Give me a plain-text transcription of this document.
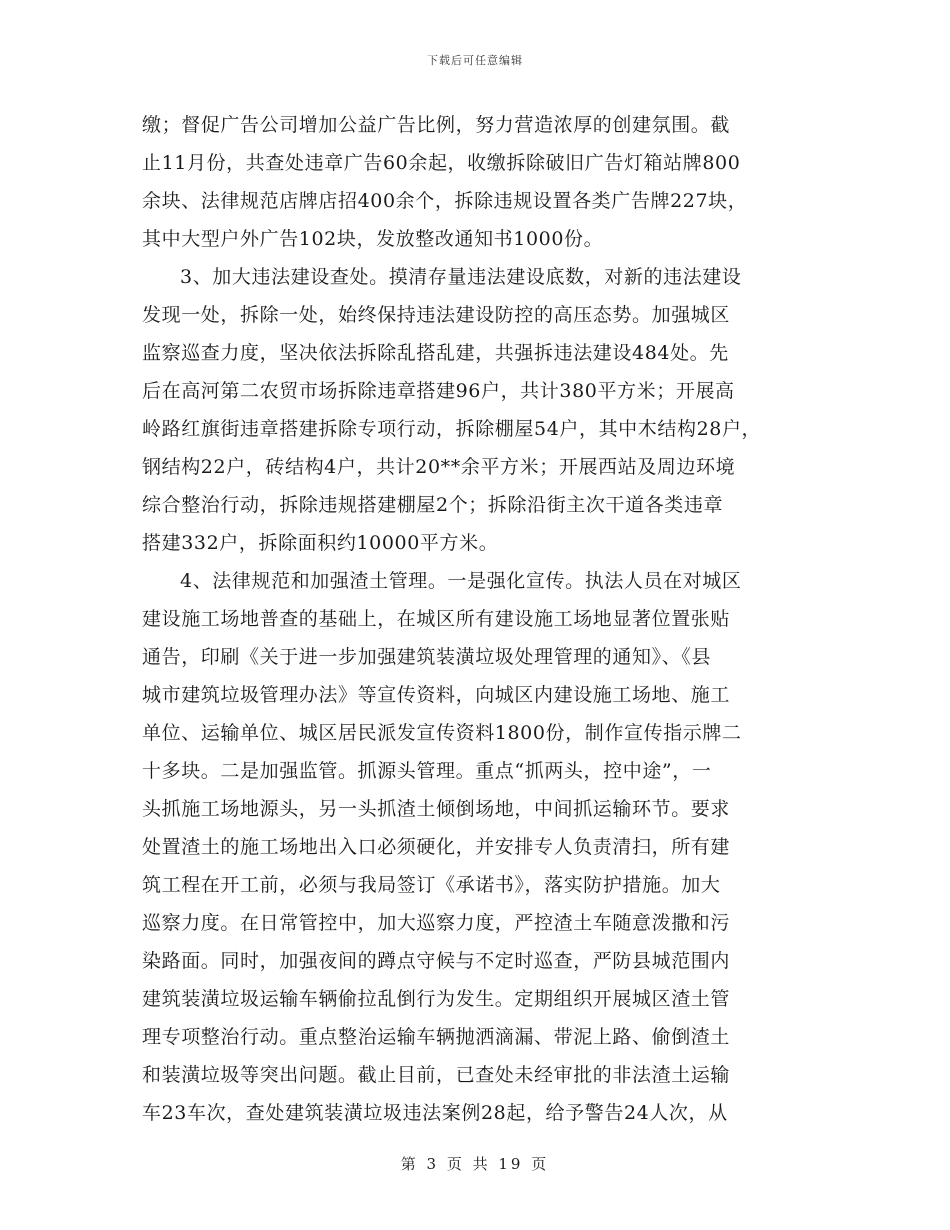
下载后可任意编辑
缴；督促广告公司增加公益广告比例，努力营造浓厚的创建氛围。截
止11月份，共查处违章广告60余起，收缴拆除破旧广告灯箱站牌800
余块、法律规范店牌店招400余个，拆除违规设置各类广告牌227块，
其中大型户外广告102块，发放整改通知书1000份。
3、加大违法建设查处。摸清存量违法建设底数，对新的违法建设
发现一处，拆除一处，始终保持违法建设防控的高压态势。加强城区
监察巡查力度，坚决依法拆除乱搭乱建，共强拆违法建设484处。先
后在高河第二农贸市场拆除违章搭建96户，共计380平方米；开展高
岭路红旗街违章搭建拆除专项行动，拆除棚屋54户，其中木结构28户，
钢结构22户，砖结构4户，共计20**余平方米；开展西站及周边环境
综合整治行动，拆除违规搭建棚屋2个；拆除沿街主次干道各类违章
搭建332户，拆除面积约10000平方米。
4、法律规范和加强渣土管理。一是强化宣传。执法人员在对城区
建设施工场地普查的基础上，在城区所有建设施工场地显著位置张贴
通告，印刷《关于进一步加强建筑装潢垃圾处理管理的通知》、《县
城市建筑垃圾管理办法》等宣传资料，向城区内建设施工场地、施工
单位、运输单位、城区居民派发宣传资料1800份，制作宣传指示牌二
十多块。二是加强监管。抓源头管理。重点“抓两头，控中途”，一
头抓施工场地源头，另一头抓渣土倾倒场地，中间抓运输环节。要求
处置渣土的施工场地出入口必须硬化，并安排专人负责清扫，所有建
筑工程在开工前，必须与我局签订《承诺书》，落实防护措施。加大
巡察力度。在日常管控中，加大巡察力度，严控渣土车随意泼撒和污
染路面。同时，加强夜间的蹲点守候与不定时巡查，严防县城范围内
建筑装潢垃圾运输车辆偷拉乱倒行为发生。定期组织开展城区渣土管
理专项整治行动。重点整治运输车辆抛洒滴漏、带泥上路、偷倒渣土
和装潢垃圾等突出问题。截止目前，已查处未经审批的非法渣土运输
车23车次，查处建筑装潢垃圾违法案例28起，给予警告24人次，从
第 3 页 共 19 页
